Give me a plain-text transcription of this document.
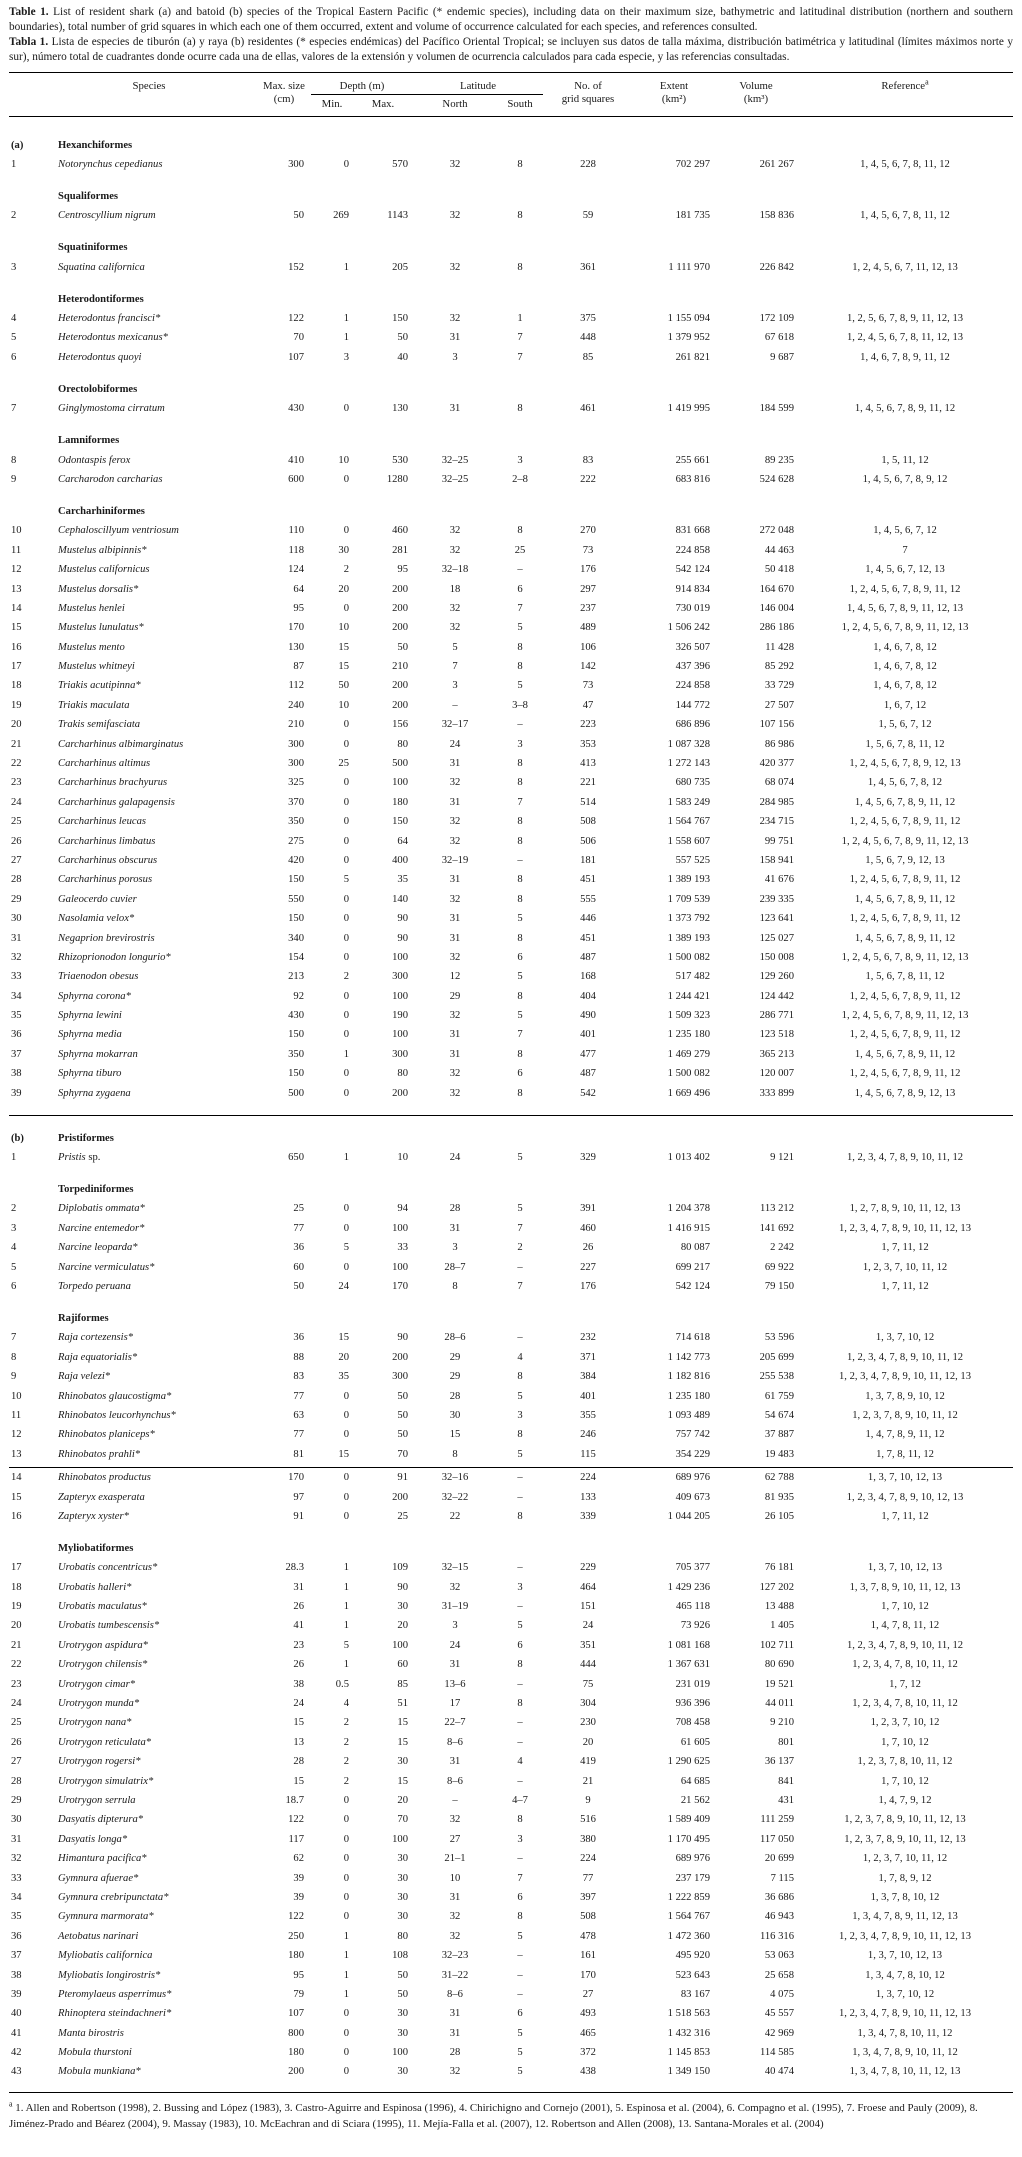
Table 1. List of resident shark (a) and batoid (b) species of the Tropical Eastern Pacific (* endemic species), including data on their maximum size, bathymetric and latitudinal distribution (northern and southern boundaries), total number of grid squares in which each one of them occurred, extent and volume of occurrence calculated for each species, and references consulted.

Tabla 1. Lista de especies de tiburón (a) y raya (b) residentes (* especies endémicas) del Pacífico Oriental Tropical; se incluyen sus datos de talla máxima, distribución batimétrica y latitudinal (límites máximos norte y sur), número total de cuadrantes donde ocurre cada una de ellas, valores de la extensión y volumen de ocurrencia calculados para cada especie, y las referencias consultadas.

	Species	Max. size
(cm)	Depth (m)		Latitude		No. of
grid squares	Extent
(km²)	Volume
(km³)	Reference$^a$
			Min.	Max.	North	South				
(a)	Hexanchiformes									
1	Notorynchus cepedianus	300	0	570	32	8	228	702 297	261 267	1, 4, 5, 6, 7, 8, 11, 12
	Squaliformes									
2	Centroscyllium nigrum	50	269	1143	32	8	59	181 735	158 836	1, 4, 5, 6, 7, 8, 11, 12
	Squatiniformes									
3	Squatina californica	152	1	205	32	8	361	1 111 970	226 842	1, 2, 4, 5, 6, 7, 11, 12, 13
	Heterodontiformes									
4	Heterodontus francisci*	122	1	150	32	1	375	1 155 094	172 109	1, 2, 5, 6, 7, 8, 9, 11, 12, 13
5	Heterodontus mexicanus*	70	1	50	31	7	448	1 379 952	67 618	1, 2, 4, 5, 6, 7, 8, 11, 12, 13
6	Heterodontus quoyi	107	3	40	3	7	85	261 821	9 687	1, 4, 6, 7, 8, 9, 11, 12
	Orectolobiformes									
7	Ginglymostoma cirratum	430	0	130	31	8	461	1 419 995	184 599	1, 4, 5, 6, 7, 8, 9, 11, 12
	Lamniformes									
8	Odontaspis ferox	410	10	530	32–25	3	83	255 661	89 235	1, 5, 11, 12
9	Carcharodon carcharias	600	0	1280	32–25	2–8	222	683 816	524 628	1, 4, 5, 6, 7, 8, 9, 12
	Carcharhiniformes									
10	Cephaloscillyum ventriosum	110	0	460	32	8	270	831 668	272 048	1, 4, 5, 6, 7, 12
11	Mustelus albipinnis*	118	30	281	32	25	73	224 858	44 463	7
12	Mustelus californicus	124	2	95	32–18	–	176	542 124	50 418	1, 4, 5, 6, 7, 12, 13
13	Mustelus dorsalis*	64	20	200	18	6	297	914 834	164 670	1, 2, 4, 5, 6, 7, 8, 9, 11, 12
14	Mustelus henlei	95	0	200	32	7	237	730 019	146 004	1, 4, 5, 6, 7, 8, 9, 11, 12, 13
15	Mustelus lunulatus*	170	10	200	32	5	489	1 506 242	286 186	1, 2, 4, 5, 6, 7, 8, 9, 11, 12, 13
16	Mustelus mento	130	15	50	5	8	106	326 507	11 428	1, 4, 6, 7, 8, 12
17	Mustelus whitneyi	87	15	210	7	8	142	437 396	85 292	1, 4, 6, 7, 8, 12
18	Triakis acutipinna*	112	50	200	3	5	73	224 858	33 729	1, 4, 6, 7, 8, 12
19	Triakis maculata	240	10	200	–	3–8	47	144 772	27 507	1, 6, 7, 12
20	Trakis semifasciata	210	0	156	32–17	–	223	686 896	107 156	1, 5, 6, 7, 12
21	Carcharhinus albimarginatus	300	0	80	24	3	353	1 087 328	86 986	1, 5, 6, 7, 8, 11, 12
22	Carcharhinus altimus	300	25	500	31	8	413	1 272 143	420 377	1, 2, 4, 5, 6, 7, 8, 9, 12, 13
23	Carcharhinus brachyurus	325	0	100	32	8	221	680 735	68 074	1, 4, 5, 6, 7, 8, 12
24	Carcharhinus galapagensis	370	0	180	31	7	514	1 583 249	284 985	1, 4, 5, 6, 7, 8, 9, 11, 12
25	Carcharhinus leucas	350	0	150	32	8	508	1 564 767	234 715	1, 2, 4, 5, 6, 7, 8, 9, 11, 12
26	Carcharhinus limbatus	275	0	64	32	8	506	1 558 607	99 751	1, 2, 4, 5, 6, 7, 8, 9, 11, 12, 13
27	Carcharhinus obscurus	420	0	400	32–19	–	181	557 525	158 941	1, 5, 6, 7, 9, 12, 13
28	Carcharhinus porosus	150	5	35	31	8	451	1 389 193	41 676	1, 2, 4, 5, 6, 7, 8, 9, 11, 12
29	Galeocerdo cuvier	550	0	140	32	8	555	1 709 539	239 335	1, 4, 5, 6, 7, 8, 9, 11, 12
30	Nasolamia velox*	150	0	90	31	5	446	1 373 792	123 641	1, 2, 4, 5, 6, 7, 8, 9, 11, 12
31	Negaprion brevirostris	340	0	90	31	8	451	1 389 193	125 027	1, 4, 5, 6, 7, 8, 9, 11, 12
32	Rhizoprionodon longurio*	154	0	100	32	6	487	1 500 082	150 008	1, 2, 4, 5, 6, 7, 8, 9, 11, 12, 13
33	Triaenodon obesus	213	2	300	12	5	168	517 482	129 260	1, 5, 6, 7, 8, 11, 12
34	Sphyrna corona*	92	0	100	29	8	404	1 244 421	124 442	1, 2, 4, 5, 6, 7, 8, 9, 11, 12
35	Sphyrna lewini	430	0	190	32	5	490	1 509 323	286 771	1, 2, 4, 5, 6, 7, 8, 9, 11, 12, 13
36	Sphyrna media	150	0	100	31	7	401	1 235 180	123 518	1, 2, 4, 5, 6, 7, 8, 9, 11, 12
37	Sphyrna mokarran	350	1	300	31	8	477	1 469 279	365 213	1, 4, 5, 6, 7, 8, 9, 11, 12
38	Sphyrna tiburo	150	0	80	32	6	487	1 500 082	120 007	1, 2, 4, 5, 6, 7, 8, 9, 11, 12
39	Sphyrna zygaena	500	0	200	32	8	542	1 669 496	333 899	1, 4, 5, 6, 7, 8, 9, 12, 13

(b)	Pristiformes									
1	Pristis sp.	650	1	10	24	5	329	1 013 402	9 121	1, 2, 3, 4, 7, 8, 9, 10, 11, 12
	Torpediniformes									
2	Diplobatis ommata*	25	0	94	28	5	391	1 204 378	113 212	1, 2, 7, 8, 9, 10, 11, 12, 13
3	Narcine entemedor*	77	0	100	31	7	460	1 416 915	141 692	1, 2, 3, 4, 7, 8, 9, 10, 11, 12, 13
4	Narcine leoparda*	36	5	33	3	2	26	80 087	2 242	1, 7, 11, 12
5	Narcine vermiculatus*	60	0	100	28–7	–	227	699 217	69 922	1, 2, 3, 7, 10, 11, 12
6	Torpedo peruana	50	24	170	8	7	176	542 124	79 150	1, 7, 11, 12
	Rajiformes									
7	Raja cortezensis*	36	15	90	28–6	–	232	714 618	53 596	1, 3, 7, 10, 12
8	Raja equatorialis*	88	20	200	29	4	371	1 142 773	205 699	1, 2, 3, 4, 7, 8, 9, 10, 11, 12
9	Raja velezi*	83	35	300	29	8	384	1 182 816	255 538	1, 2, 3, 4, 7, 8, 9, 10, 11, 12, 13
10	Rhinobatos glaucostigma*	77	0	50	28	5	401	1 235 180	61 759	1, 3, 7, 8, 9, 10, 12
11	Rhinobatos leucorhynchus*	63	0	50	30	3	355	1 093 489	54 674	1, 2, 3, 7, 8, 9, 10, 11, 12
12	Rhinobatos planiceps*	77	0	50	15	8	246	757 742	37 887	1, 4, 7, 8, 9, 11, 12
13	Rhinobatos prahli*	81	15	70	8	5	115	354 229	19 483	1, 7, 8, 11, 12

14	Rhinobatos productus	170	0	91	32–16	–	224	689 976	62 788	1, 3, 7, 10, 12, 13
15	Zapteryx exasperata	97	0	200	32–22	–	133	409 673	81 935	1, 2, 3, 4, 7, 8, 9, 10, 12, 13
16	Zapteryx xyster*	91	0	25	22	8	339	1 044 205	26 105	1, 7, 11, 12
	Myliobatiformes									
17	Urobatis concentricus*	28.3	1	109	32–15	–	229	705 377	76 181	1, 3, 7, 10, 12, 13
18	Urobatis halleri*	31	1	90	32	3	464	1 429 236	127 202	1, 3, 7, 8, 9, 10, 11, 12, 13
19	Urobatis maculatus*	26	1	30	31–19	–	151	465 118	13 488	1, 7, 10, 12
20	Urobatis tumbescensis*	41	1	20	3	5	24	73 926	1 405	1, 4, 7, 8, 11, 12
21	Urotrygon aspidura*	23	5	100	24	6	351	1 081 168	102 711	1, 2, 3, 4, 7, 8, 9, 10, 11, 12
22	Urotrygon chilensis*	26	1	60	31	8	444	1 367 631	80 690	1, 2, 3, 4, 7, 8, 10, 11, 12
23	Urotrygon cimar*	38	0.5	85	13–6	–	75	231 019	19 521	1, 7, 12
24	Urotrygon munda*	24	4	51	17	8	304	936 396	44 011	1, 2, 3, 4, 7, 8, 10, 11, 12
25	Urotrygon nana*	15	2	15	22–7	–	230	708 458	9 210	1, 2, 3, 7, 10, 12
26	Urotrygon reticulata*	13	2	15	8–6	–	20	61 605	801	1, 7, 10, 12
27	Urotrygon rogersi*	28	2	30	31	4	419	1 290 625	36 137	1, 2, 3, 7, 8, 10, 11, 12
28	Urotrygon simulatrix*	15	2	15	8–6	–	21	64 685	841	1, 7, 10, 12
29	Urotrygon serrula	18.7	0	20	–	4–7	9	21 562	431	1, 4, 7, 9, 12
30	Dasyatis dipterura*	122	0	70	32	8	516	1 589 409	111 259	1, 2, 3, 7, 8, 9, 10, 11, 12, 13
31	Dasyatis longa*	117	0	100	27	3	380	1 170 495	117 050	1, 2, 3, 7, 8, 9, 10, 11, 12, 13
32	Himantura pacifica*	62	0	30	21–1	–	224	689 976	20 699	1, 2, 3, 7, 10, 11, 12
33	Gymnura afuerae*	39	0	30	10	7	77	237 179	7 115	1, 7, 8, 9, 12
34	Gymnura crebripunctata*	39	0	30	31	6	397	1 222 859	36 686	1, 3, 7, 8, 10, 12
35	Gymnura marmorata*	122	0	30	32	8	508	1 564 767	46 943	1, 3, 4, 7, 8, 9, 11, 12, 13
36	Aetobatus narinari	250	1	80	32	5	478	1 472 360	116 316	1, 2, 3, 4, 7, 8, 9, 10, 11, 12, 13
37	Myliobatis californica	180	1	108	32–23	–	161	495 920	53 063	1, 3, 7, 10, 12, 13
38	Myliobatis longirostris*	95	1	50	31–22	–	170	523 643	25 658	1, 3, 4, 7, 8, 10, 12
39	Pteromylaeus asperrimus*	79	1	50	8–6	–	27	83 167	4 075	1, 3, 7, 10, 12
40	Rhinoptera steindachneri*	107	0	30	31	6	493	1 518 563	45 557	1, 2, 3, 4, 7, 8, 9, 10, 11, 12, 13
41	Manta birostris	800	0	30	31	5	465	1 432 316	42 969	1, 3, 4, 7, 8, 10, 11, 12
42	Mobula thurstoni	180	0	100	28	5	372	1 145 853	114 585	1, 3, 4, 7, 8, 9, 10, 11, 12
43	Mobula munkiana*	200	0	30	32	5	438	1 349 150	40 474	1, 3, 4, 7, 8, 10, 11, 12, 13

$^a$ 1. Allen and Robertson (1998), 2. Bussing and López (1983), 3. Castro-Aguirre and Espinosa (1996), 4. Chirichigno and Cornejo (2001), 5. Espinosa et al. (2004), 6. Compagno et al. (1995), 7. Froese and Pauly (2009), 8. Jiménez-Prado and Béarez (2004), 9. Massay (1983), 10. McEachran and di Sciara (1995), 11. Mejía-Falla et al. (2007), 12. Robertson and Allen (2008), 13. Santana-Morales et al. (2004)
